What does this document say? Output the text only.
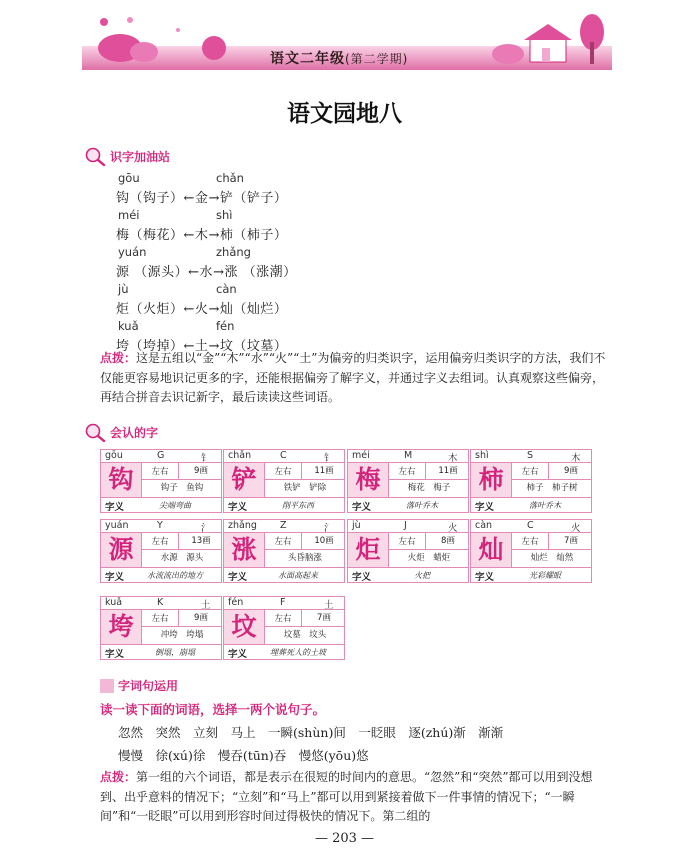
语文二年级(第二学期)
语文园地八
识字加油站
gōu	chǎn
钩（钩子）←金→铲（铲子）
méi	shì
梅（梅花）←木→柿（柿子）
yuán	zhǎng
源 （源头）←水→涨 （涨潮）
jù	càn
炬（火炬）←火→灿（灿烂）
kuǎ	fén
垮（垮掉）←土→坟（坟墓）
点拨：这是五组以“金”“木”“水”“火”“土”为偏旁的归类识字，运用偏旁归类识字的方法，我们不仅能更容易地识记更多的字，还能根据偏旁了解字义，并通过字义去组词。认真观察这些偏旁，再结合拼音去识记新字，最后读读这些词语。
会认的字
gōu	G	钅
钩	左右	9画
钩子　鱼钩
字义	尖端弯曲
chǎn	C	钅
铲	左右	11画
铁铲　铲除
字义	削平东西
méi	M	木
梅	左右	11画
梅花　梅子
字义	落叶乔木
shì	S	木
柿	左右	9画
柿子　柿子树
字义	落叶乔木
yuán	Y	氵
源	左右	13画
水源　源头
字义	水流流出的地方
zhǎng Z	氵
涨	左右	10画
头昏脑涨
字义	水面高起来
jù	J	火
炬	左右	8画
火炬　蜡炬
字义	火把
càn	C	火
灿	左右	7画
灿烂　灿然
字义	光彩耀眼
kuǎ	K	土
垮	左右	9画
冲垮　垮塌
字义	倒塌，崩塌
fén	F	土
坟	左右	7画
坟墓　坟头
字义	埋葬死人的土坡
字词句运用
读一读下面的词语，选择一两个说句子。
忽然　突然　立刻　马上　一瞬(shùn)间　一眨眼　逐(zhú)渐　渐渐
慢慢　徐(xú)徐　慢吞(tūn)吞　慢悠(yōu)悠
点拨：第一组的六个词语，都是表示在很短的时间内的意思。“忽然”和“突然”都可以用到没想到、出乎意料的情况下；“立刻”和“马上”都可以用到紧接着做下一件事情的情况下；“一瞬间”和“一眨眼”可以用到形容时间过得极快的情况下。第二组的
— 203 —
